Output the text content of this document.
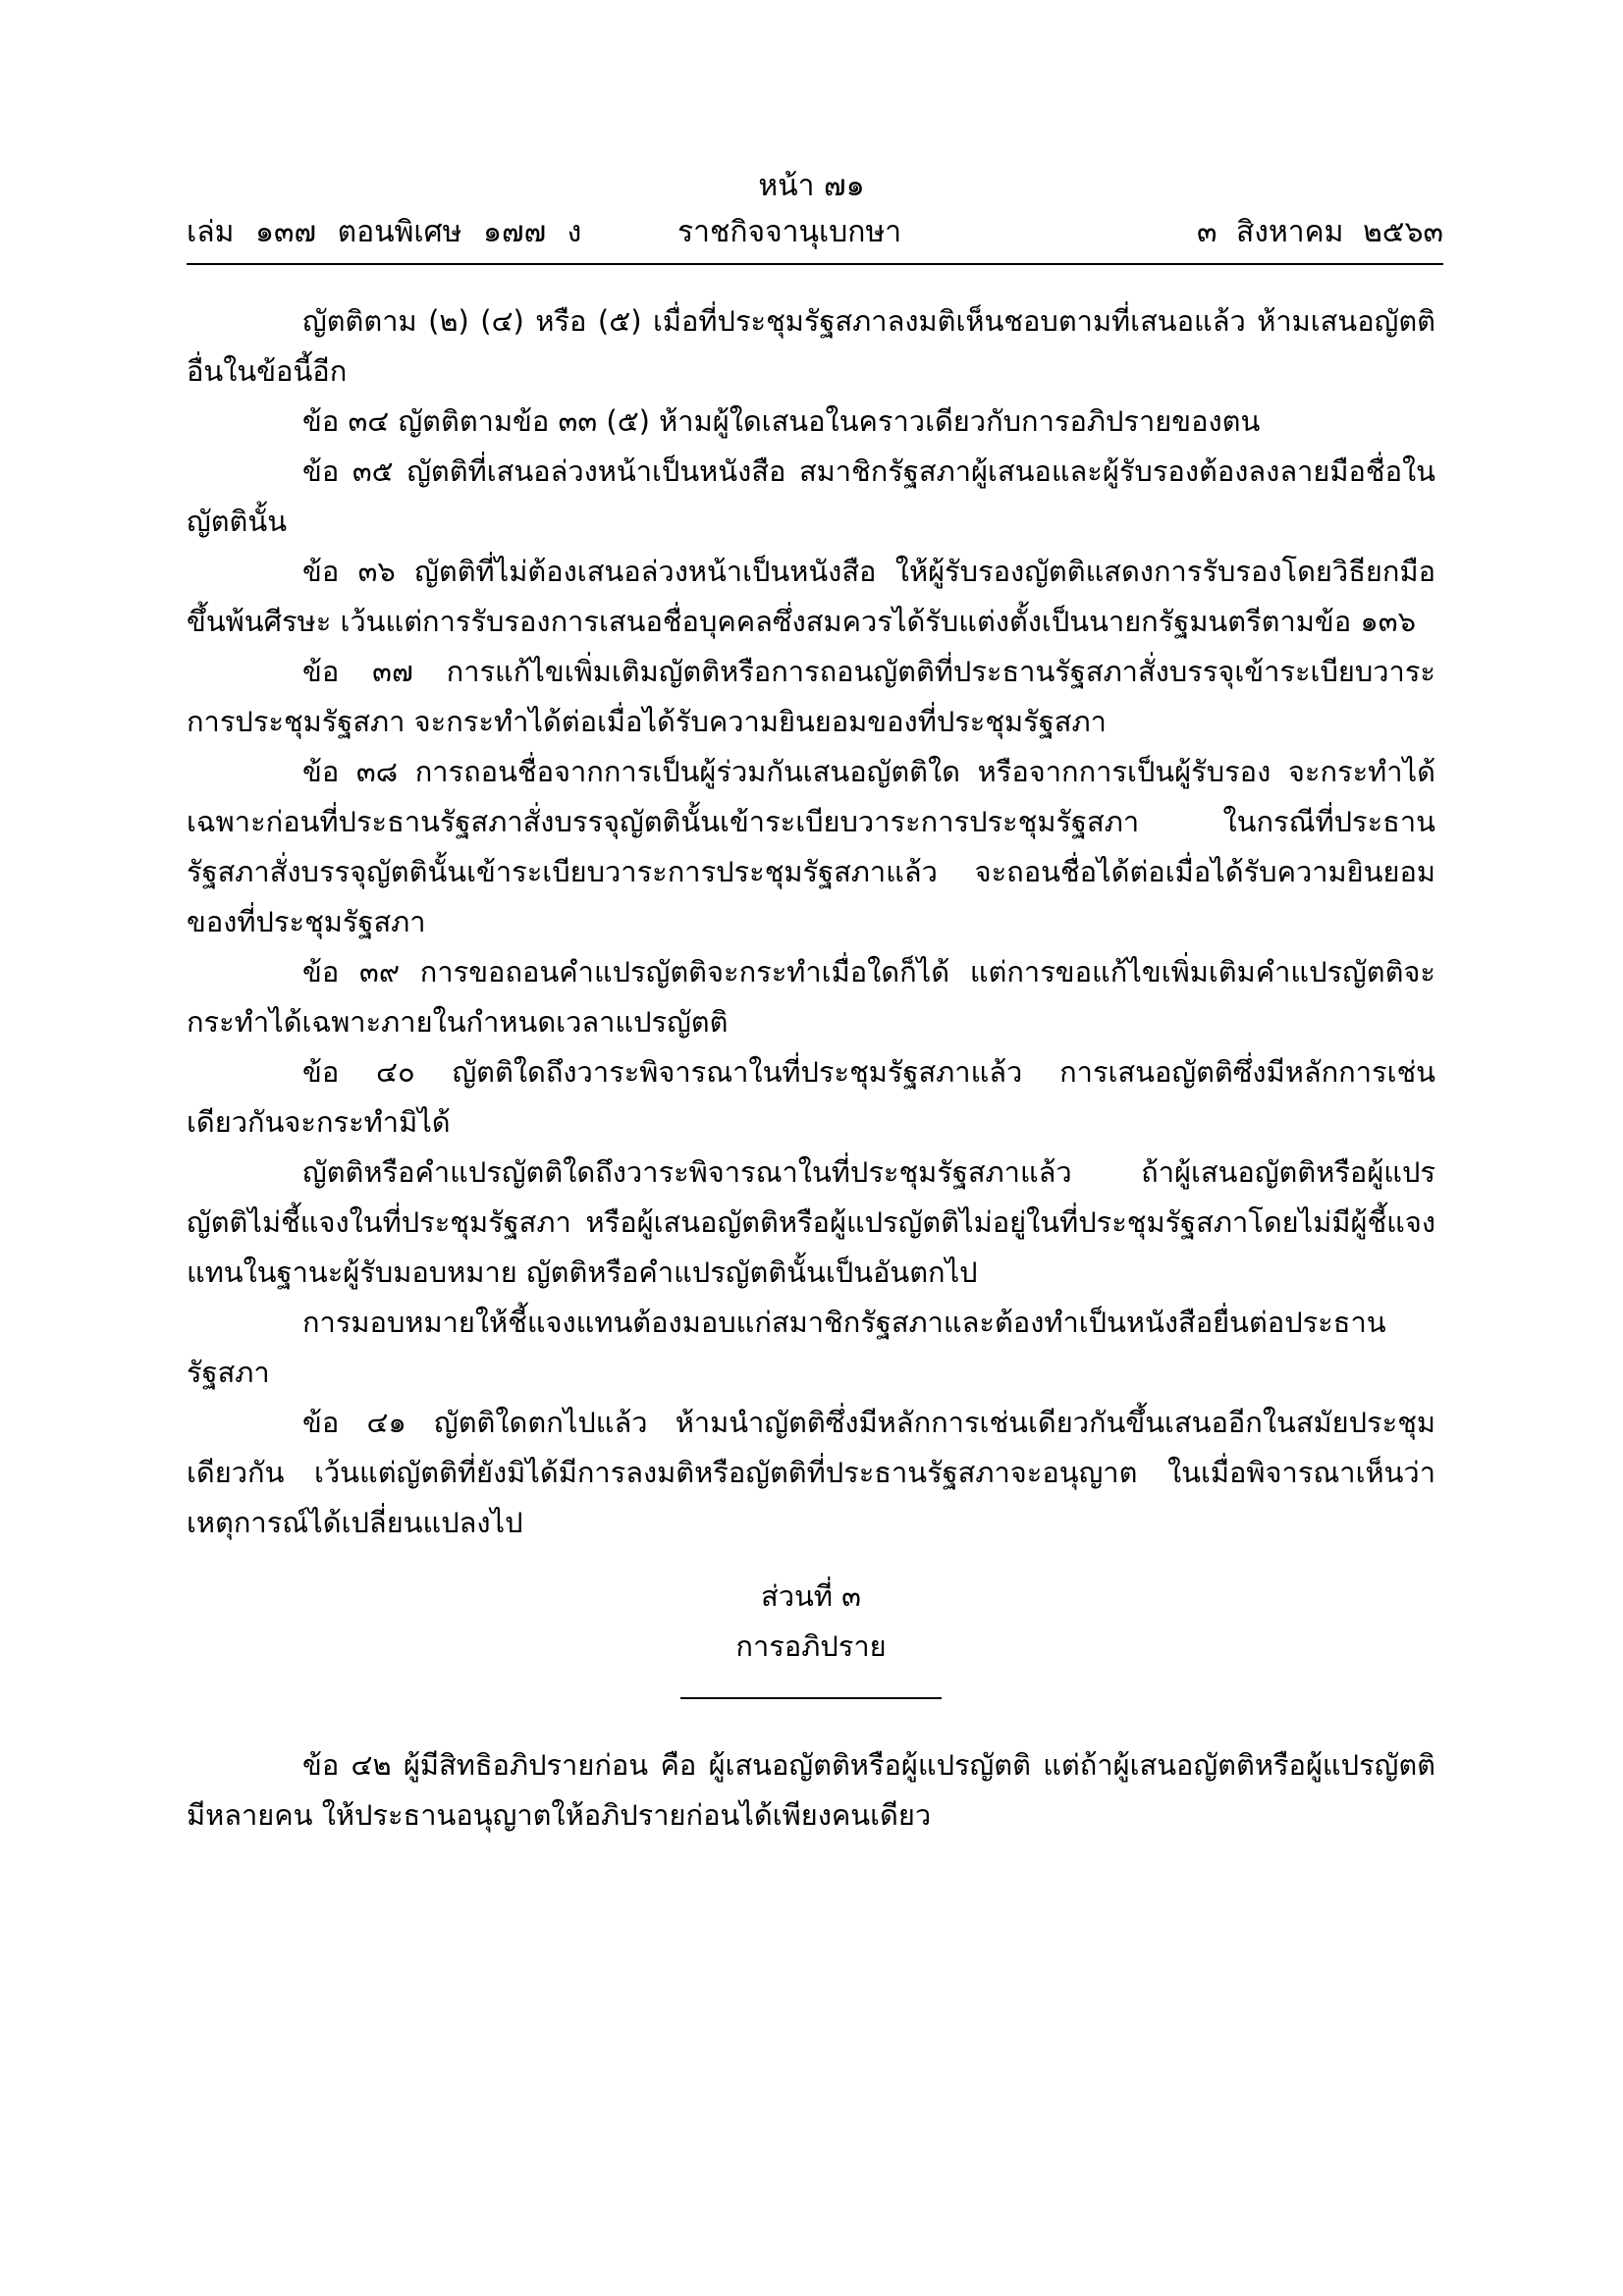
หน้า ๗๑
เล่ม ๑๓๗ ตอนพิเศษ ๑๗๗ ง	ราชกิจจานุเบกษา	๓ สิงหาคม ๒๕๖๓

ญัตติตาม (๒) (๔) หรือ (๕) เมื่อที่ประชุมรัฐสภาลงมติเห็นชอบตามที่เสนอแล้ว ห้ามเสนอญัตติอื่นในข้อนี้อีก

ข้อ ๓๔ ญัตติตามข้อ ๓๓ (๕) ห้ามผู้ใดเสนอในคราวเดียวกับการอภิปรายของตน

ข้อ ๓๕ ญัตติที่เสนอล่วงหน้าเป็นหนังสือ สมาชิกรัฐสภาผู้เสนอและผู้รับรองต้องลงลายมือชื่อในญัตตินั้น

ข้อ ๓๖ ญัตติที่ไม่ต้องเสนอล่วงหน้าเป็นหนังสือ ให้ผู้รับรองญัตติแสดงการรับรองโดยวิธียกมือขึ้นพ้นศีรษะ เว้นแต่การรับรองการเสนอชื่อบุคคลซึ่งสมควรได้รับแต่งตั้งเป็นนายกรัฐมนตรีตามข้อ ๑๓๖

ข้อ ๓๗ การแก้ไขเพิ่มเติมญัตติหรือการถอนญัตติที่ประธานรัฐสภาสั่งบรรจุเข้าระเบียบวาระการประชุมรัฐสภา จะกระทำได้ต่อเมื่อได้รับความยินยอมของที่ประชุมรัฐสภา

ข้อ ๓๘ การถอนชื่อจากการเป็นผู้ร่วมกันเสนอญัตติใด หรือจากการเป็นผู้รับรอง จะกระทำได้เฉพาะก่อนที่ประธานรัฐสภาสั่งบรรจุญัตตินั้นเข้าระเบียบวาระการประชุมรัฐสภา ในกรณีที่ประธานรัฐสภาสั่งบรรจุญัตตินั้นเข้าระเบียบวาระการประชุมรัฐสภาแล้ว จะถอนชื่อได้ต่อเมื่อได้รับความยินยอมของที่ประชุมรัฐสภา

ข้อ ๓๙ การขอถอนคำแปรญัตติจะกระทำเมื่อใดก็ได้ แต่การขอแก้ไขเพิ่มเติมคำแปรญัตติจะกระทำได้เฉพาะภายในกำหนดเวลาแปรญัตติ

ข้อ ๔๐ ญัตติใดถึงวาระพิจารณาในที่ประชุมรัฐสภาแล้ว การเสนอญัตติซึ่งมีหลักการเช่นเดียวกันจะกระทำมิได้

ญัตติหรือคำแปรญัตติใดถึงวาระพิจารณาในที่ประชุมรัฐสภาแล้ว ถ้าผู้เสนอญัตติหรือผู้แปรญัตติไม่ชี้แจงในที่ประชุมรัฐสภา หรือผู้เสนอญัตติหรือผู้แปรญัตติไม่อยู่ในที่ประชุมรัฐสภาโดยไม่มีผู้ชี้แจงแทนในฐานะผู้รับมอบหมาย ญัตติหรือคำแปรญัตตินั้นเป็นอันตกไป

การมอบหมายให้ชี้แจงแทนต้องมอบแก่สมาชิกรัฐสภาและต้องทำเป็นหนังสือยื่นต่อประธานรัฐสภา

ข้อ ๔๑ ญัตติใดตกไปแล้ว ห้ามนำญัตติซึ่งมีหลักการเช่นเดียวกันขึ้นเสนออีกในสมัยประชุมเดียวกัน เว้นแต่ญัตติที่ยังมิได้มีการลงมติหรือญัตติที่ประธานรัฐสภาจะอนุญาต ในเมื่อพิจารณาเห็นว่าเหตุการณ์ได้เปลี่ยนแปลงไป

ส่วนที่ ๓
การอภิปราย

ข้อ ๔๒ ผู้มีสิทธิอภิปรายก่อน คือ ผู้เสนอญัตติหรือผู้แปรญัตติ แต่ถ้าผู้เสนอญัตติหรือผู้แปรญัตติมีหลายคน ให้ประธานอนุญาตให้อภิปรายก่อนได้เพียงคนเดียว
